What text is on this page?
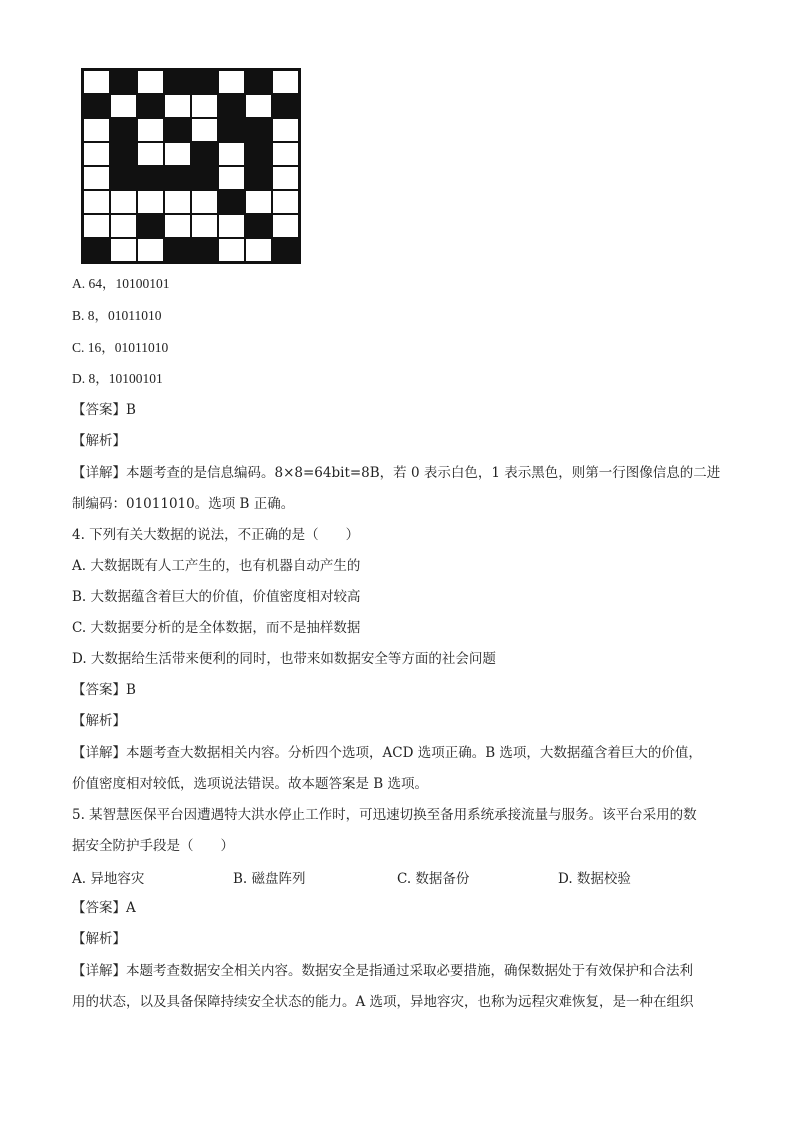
A. 64，10100101
B. 8，01011010
C. 16，01011010
D. 8，10100101
【答案】B
【解析】
【详解】本题考查的是信息编码。8×8=64bit=8B，若 0 表示白色，1 表示黑色，则第一行图像信息的二进
制编码：01011010。选项 B 正确。
4. 下列有关大数据的说法，不正确的是（　　）
A. 大数据既有人工产生的，也有机器自动产生的
B. 大数据蕴含着巨大的价值，价值密度相对较高
C. 大数据要分析的是全体数据，而不是抽样数据
D. 大数据给生活带来便利的同时，也带来如数据安全等方面的社会问题
【答案】B
【解析】
【详解】本题考查大数据相关内容。分析四个选项，ACD 选项正确。B 选项，大数据蕴含着巨大的价值，
价值密度相对较低，选项说法错误。故本题答案是 B 选项。
5. 某智慧医保平台因遭遇特大洪水停止工作时，可迅速切换至备用系统承接流量与服务。该平台采用的数
据安全防护手段是（　　）
A. 异地容灾	B. 磁盘阵列	C. 数据备份	D. 数据校验
【答案】A
【解析】
【详解】本题考查数据安全相关内容。数据安全是指通过采取必要措施，确保数据处于有效保护和合法利
用的状态，以及具备保障持续安全状态的能力。A 选项，异地容灾，也称为远程灾难恢复，是一种在组织
